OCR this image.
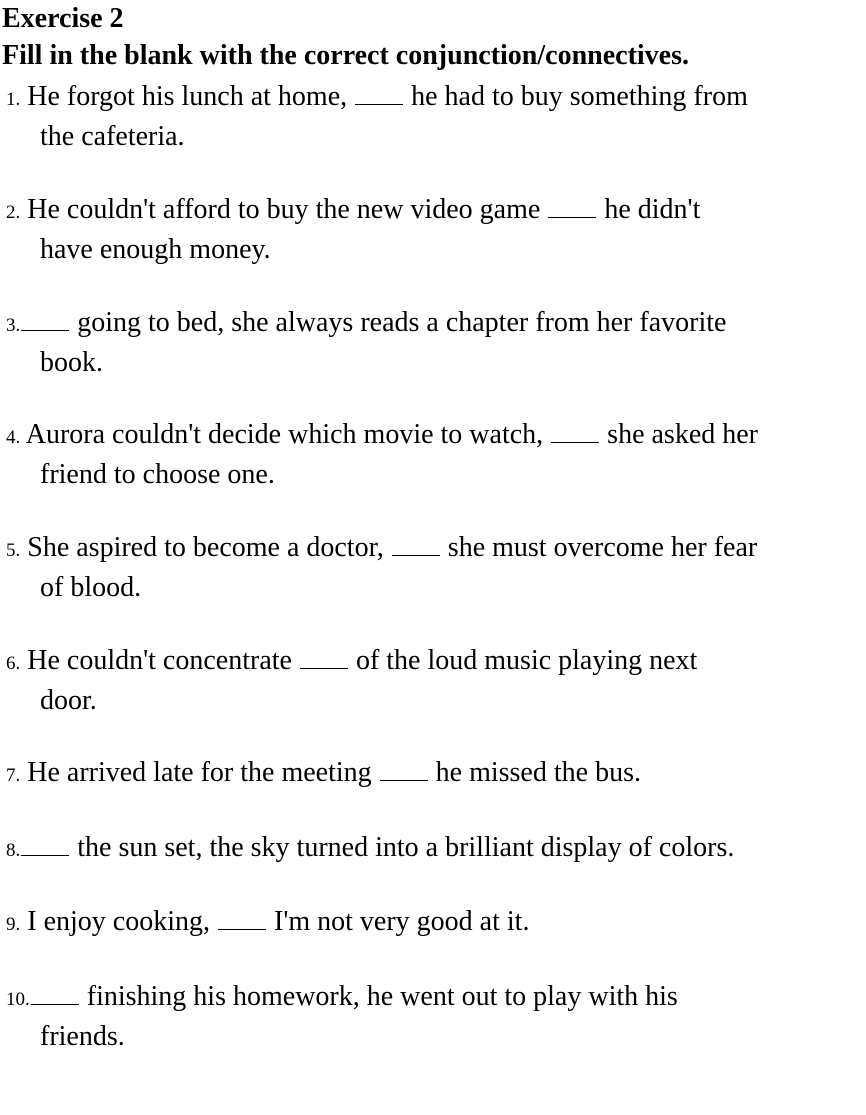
Exercise 2
Fill in the blank with the correct conjunction/connectives.
1. He forgot his lunch at home,  he had to buy something from
the cafeteria.
2. He couldn't afford to buy the new video game  he didn't
have enough money.
3. going to bed, she always reads a chapter from her favorite
book.
4. Aurora couldn't decide which movie to watch,  she asked her
friend to choose one.
5. She aspired to become a doctor,  she must overcome her fear
of blood.
6. He couldn't concentrate  of the loud music playing next
door.
7. He arrived late for the meeting  he missed the bus.
8. the sun set, the sky turned into a brilliant display of colors.
9. I enjoy cooking,  I'm not very good at it.
10. finishing his homework, he went out to play with his
friends.
